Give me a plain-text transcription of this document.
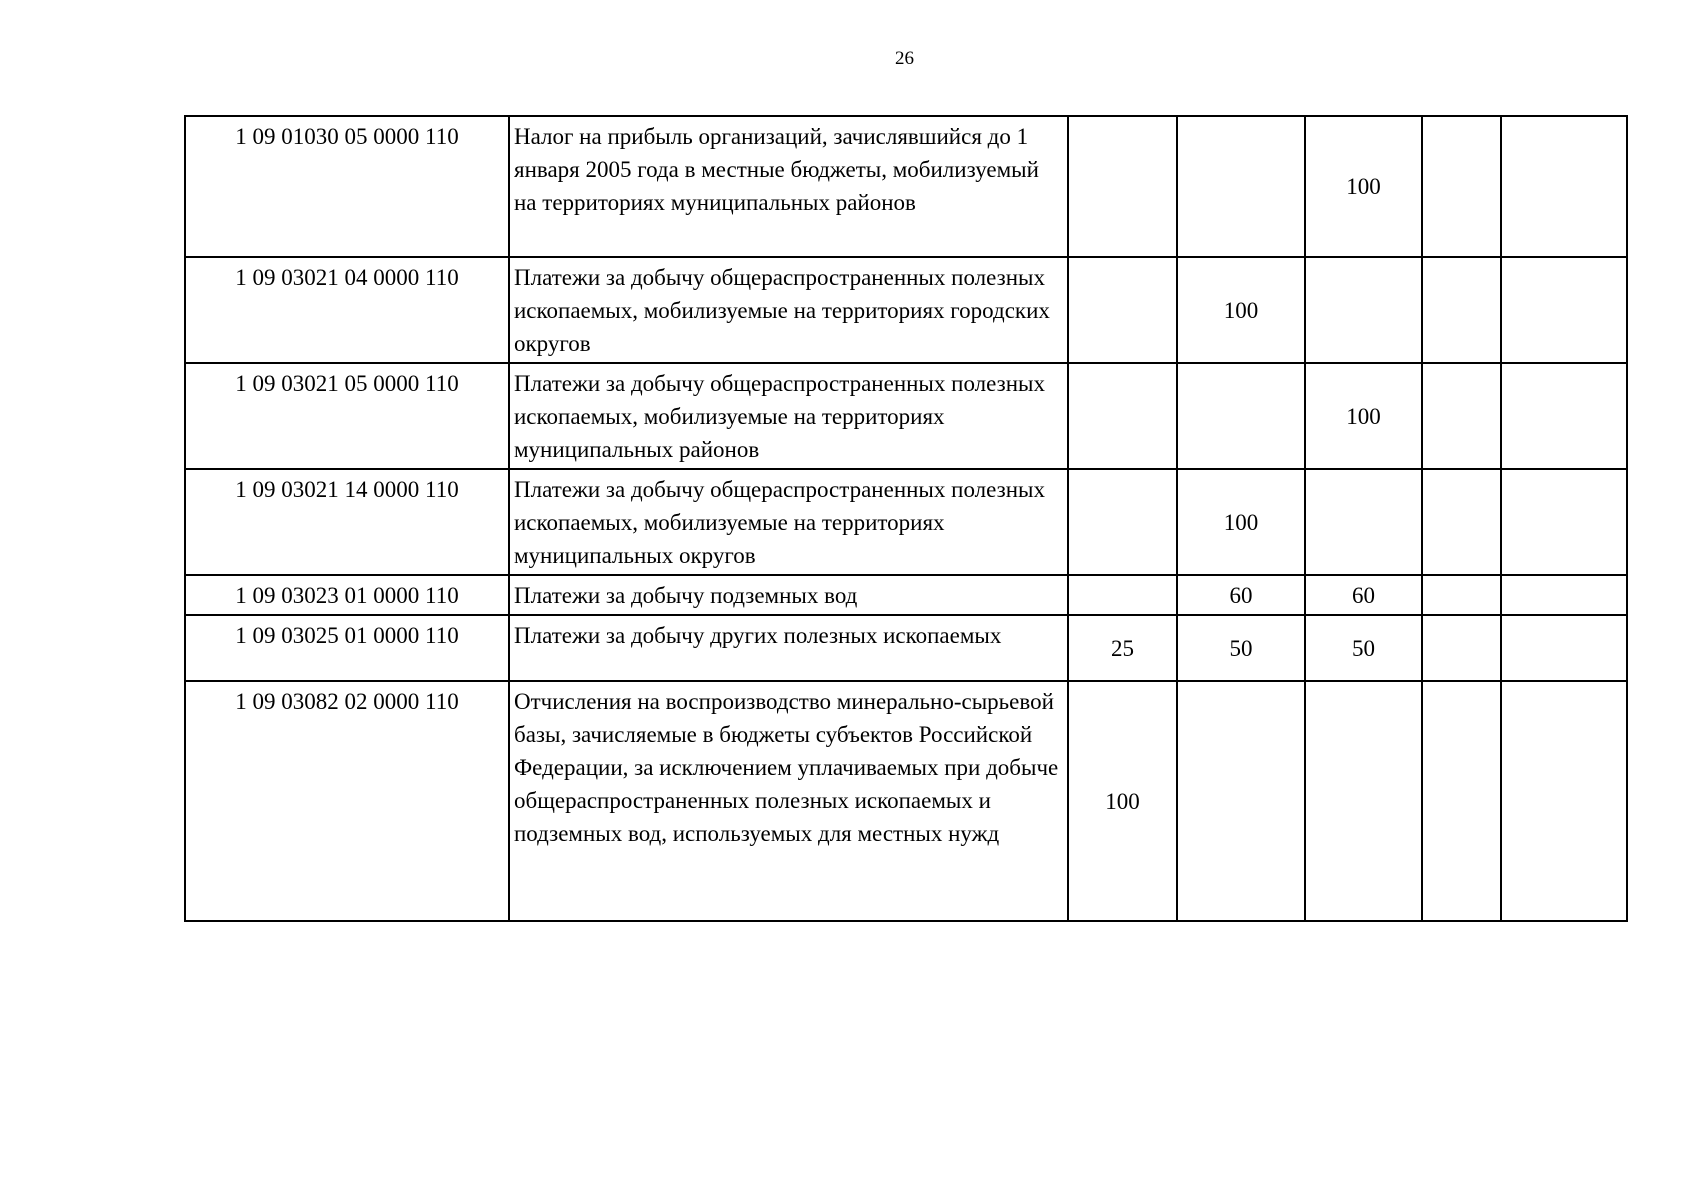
26
1 09 01030 05 0000 110	Налог на прибыль организаций, зачислявшийся до 1 января 2005 года в местные бюджеты, мобилизуемый на территориях муниципальных районов			100		
1 09 03021 04 0000 110	Платежи за добычу общераспространенных полезных ископаемых, мобилизуемые на территориях городских округов		100			
1 09 03021 05 0000 110	Платежи за добычу общераспространенных полезных ископаемых, мобилизуемые на территориях муниципальных районов			100		
1 09 03021 14 0000 110	Платежи за добычу общераспространенных полезных ископаемых, мобилизуемые на территориях муниципальных округов		100			
1 09 03023 01 0000 110	Платежи за добычу подземных вод		60	60		
1 09 03025 01 0000 110	Платежи за добычу других полезных ископаемых	25	50	50		
1 09 03082 02 0000 110	Отчисления на воспроизводство минерально-сырьевой базы, зачисляемые в бюджеты субъектов Российской Федерации, за исключением уплачиваемых при добыче общераспространенных полезных ископаемых и подземных вод, используемых для местных нужд	100				
